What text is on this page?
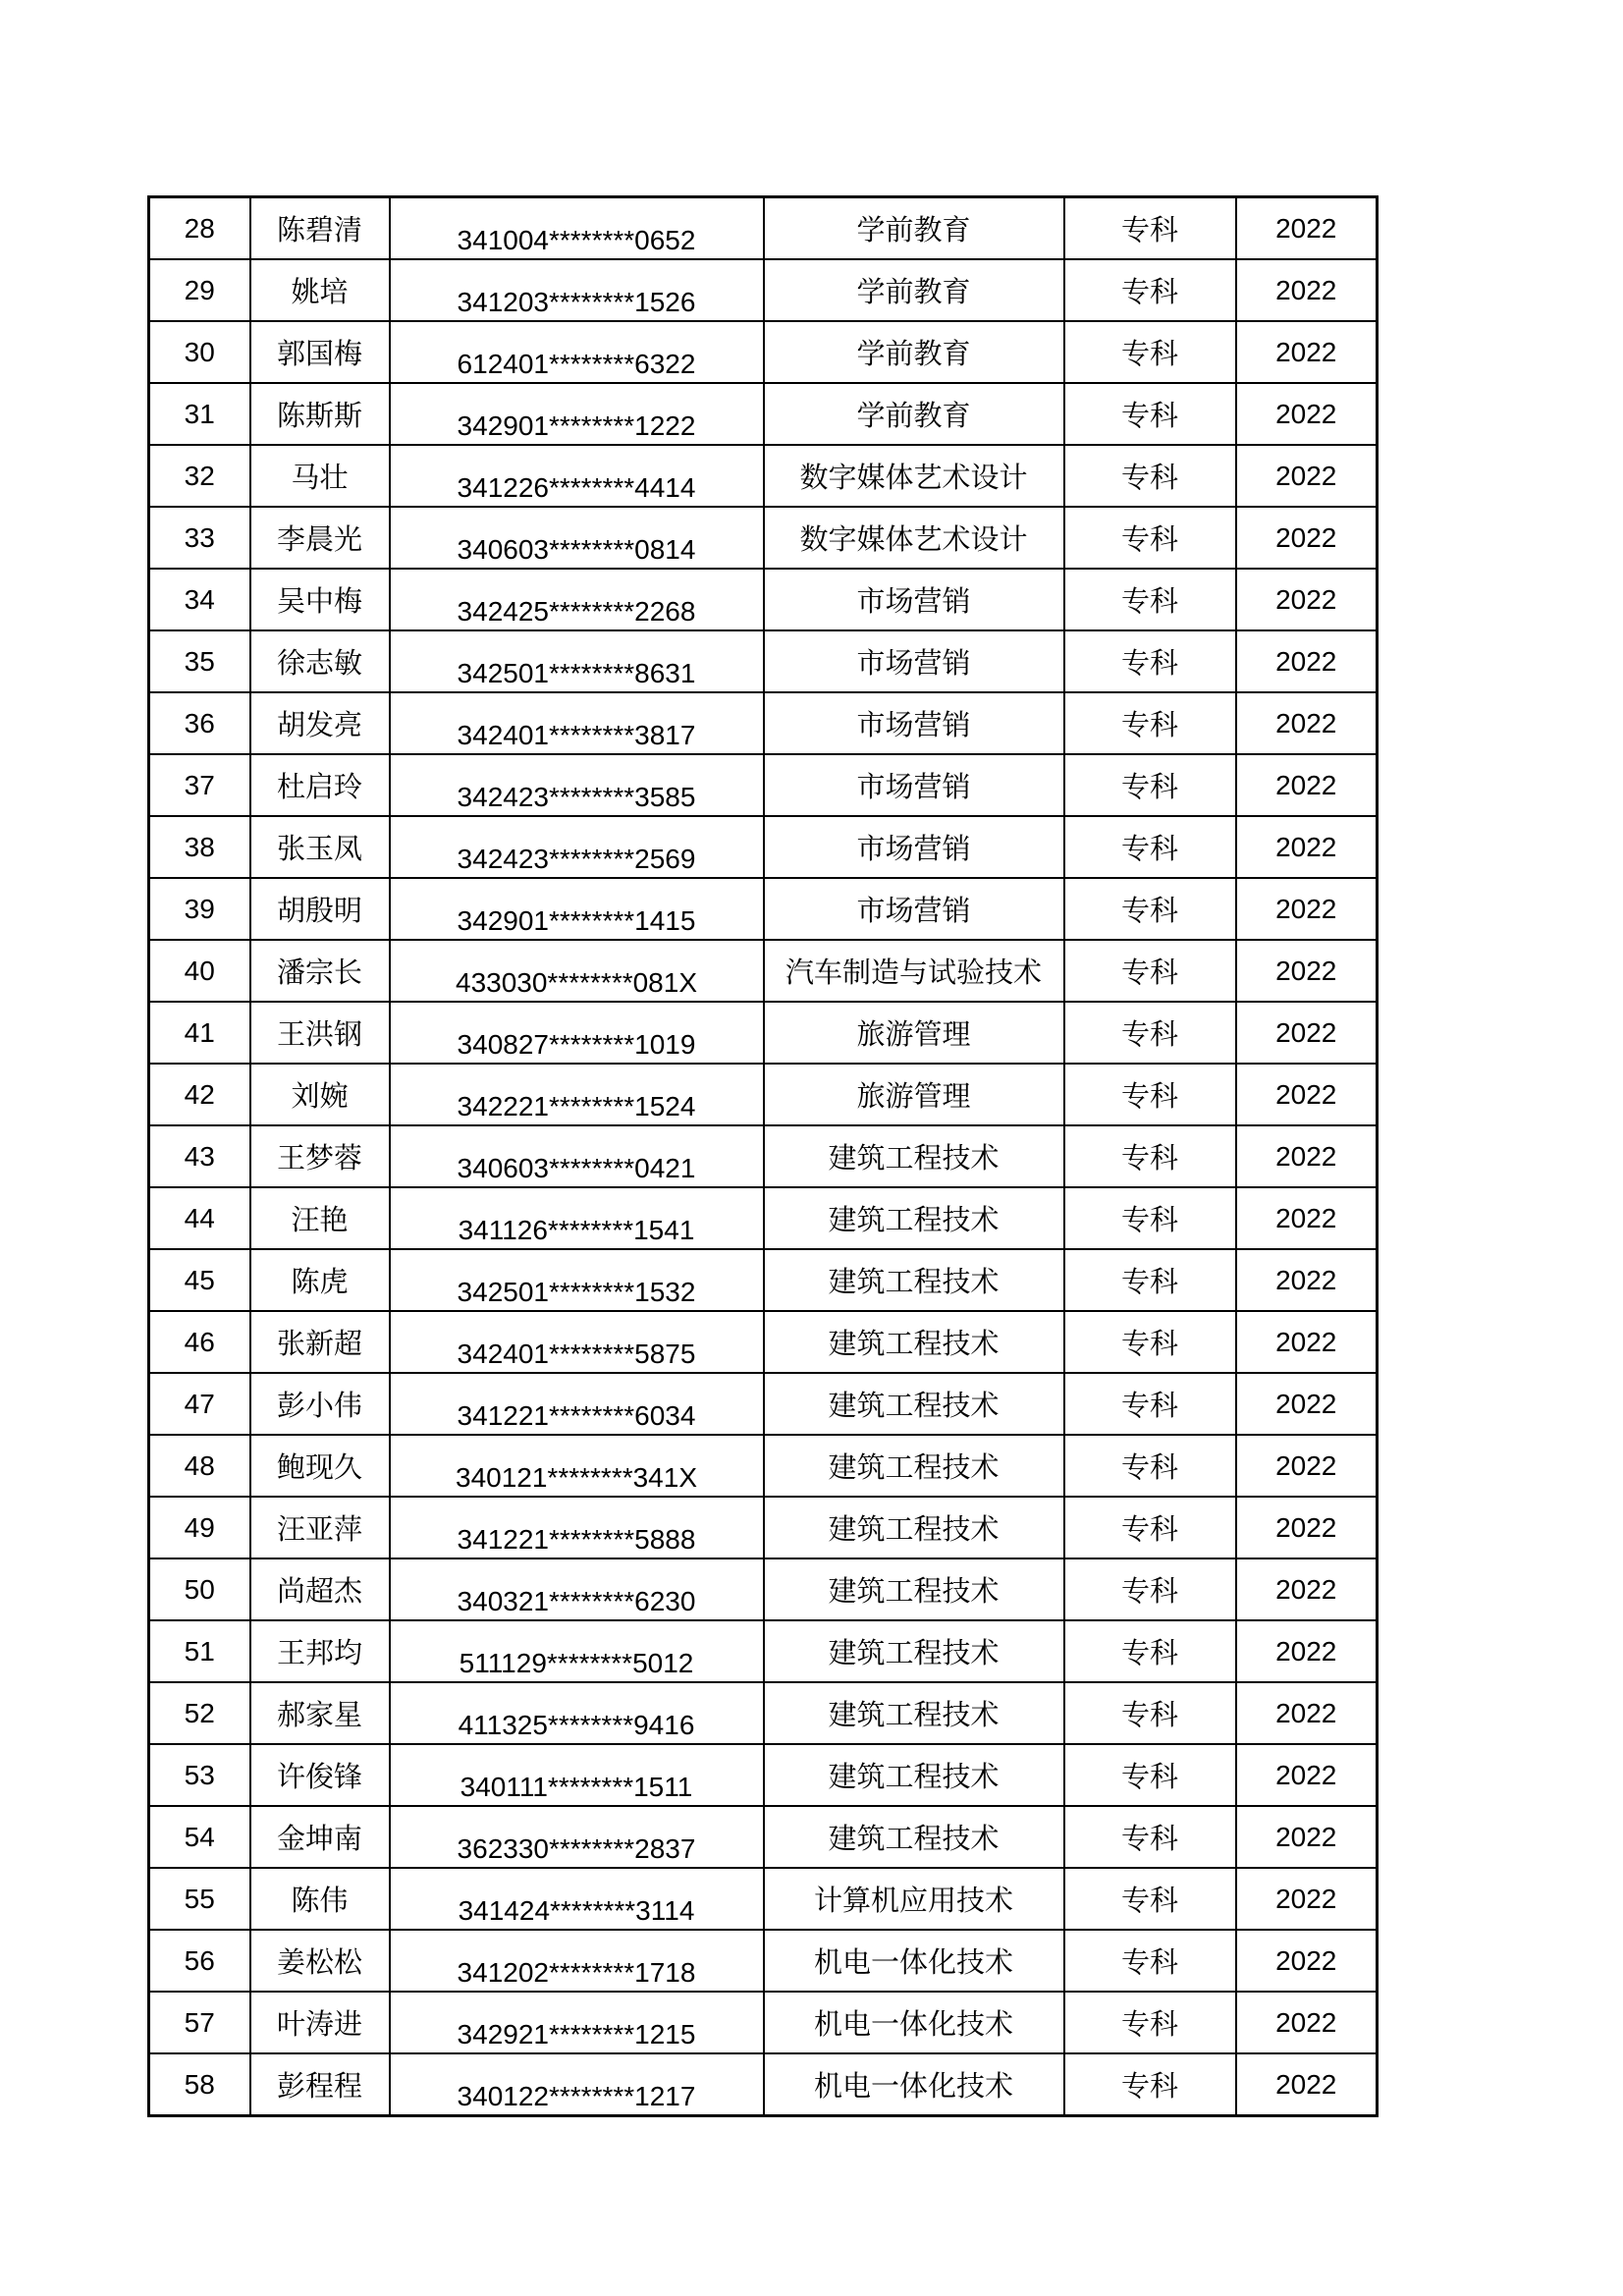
28	陈碧清	341004********0652	学前教育	专科	2022
29	姚培	341203********1526	学前教育	专科	2022
30	郭国梅	612401********6322	学前教育	专科	2022
31	陈斯斯	342901********1222	学前教育	专科	2022
32	马壮	341226********4414	数字媒体艺术设计	专科	2022
33	李晨光	340603********0814	数字媒体艺术设计	专科	2022
34	吴中梅	342425********2268	市场营销	专科	2022
35	徐志敏	342501********8631	市场营销	专科	2022
36	胡发亮	342401********3817	市场营销	专科	2022
37	杜启玲	342423********3585	市场营销	专科	2022
38	张玉凤	342423********2569	市场营销	专科	2022
39	胡殷明	342901********1415	市场营销	专科	2022
40	潘宗长	433030********081X	汽车制造与试验技术	专科	2022
41	王洪钢	340827********1019	旅游管理	专科	2022
42	刘婉	342221********1524	旅游管理	专科	2022
43	王梦蓉	340603********0421	建筑工程技术	专科	2022
44	汪艳	341126********1541	建筑工程技术	专科	2022
45	陈虎	342501********1532	建筑工程技术	专科	2022
46	张新超	342401********5875	建筑工程技术	专科	2022
47	彭小伟	341221********6034	建筑工程技术	专科	2022
48	鲍现久	340121********341X	建筑工程技术	专科	2022
49	汪亚萍	341221********5888	建筑工程技术	专科	2022
50	尚超杰	340321********6230	建筑工程技术	专科	2022
51	王邦均	511129********5012	建筑工程技术	专科	2022
52	郝家星	411325********9416	建筑工程技术	专科	2022
53	许俊锋	340111********1511	建筑工程技术	专科	2022
54	金坤南	362330********2837	建筑工程技术	专科	2022
55	陈伟	341424********3114	计算机应用技术	专科	2022
56	姜松松	341202********1718	机电一体化技术	专科	2022
57	叶涛进	342921********1215	机电一体化技术	专科	2022
58	彭程程	340122********1217	机电一体化技术	专科	2022
